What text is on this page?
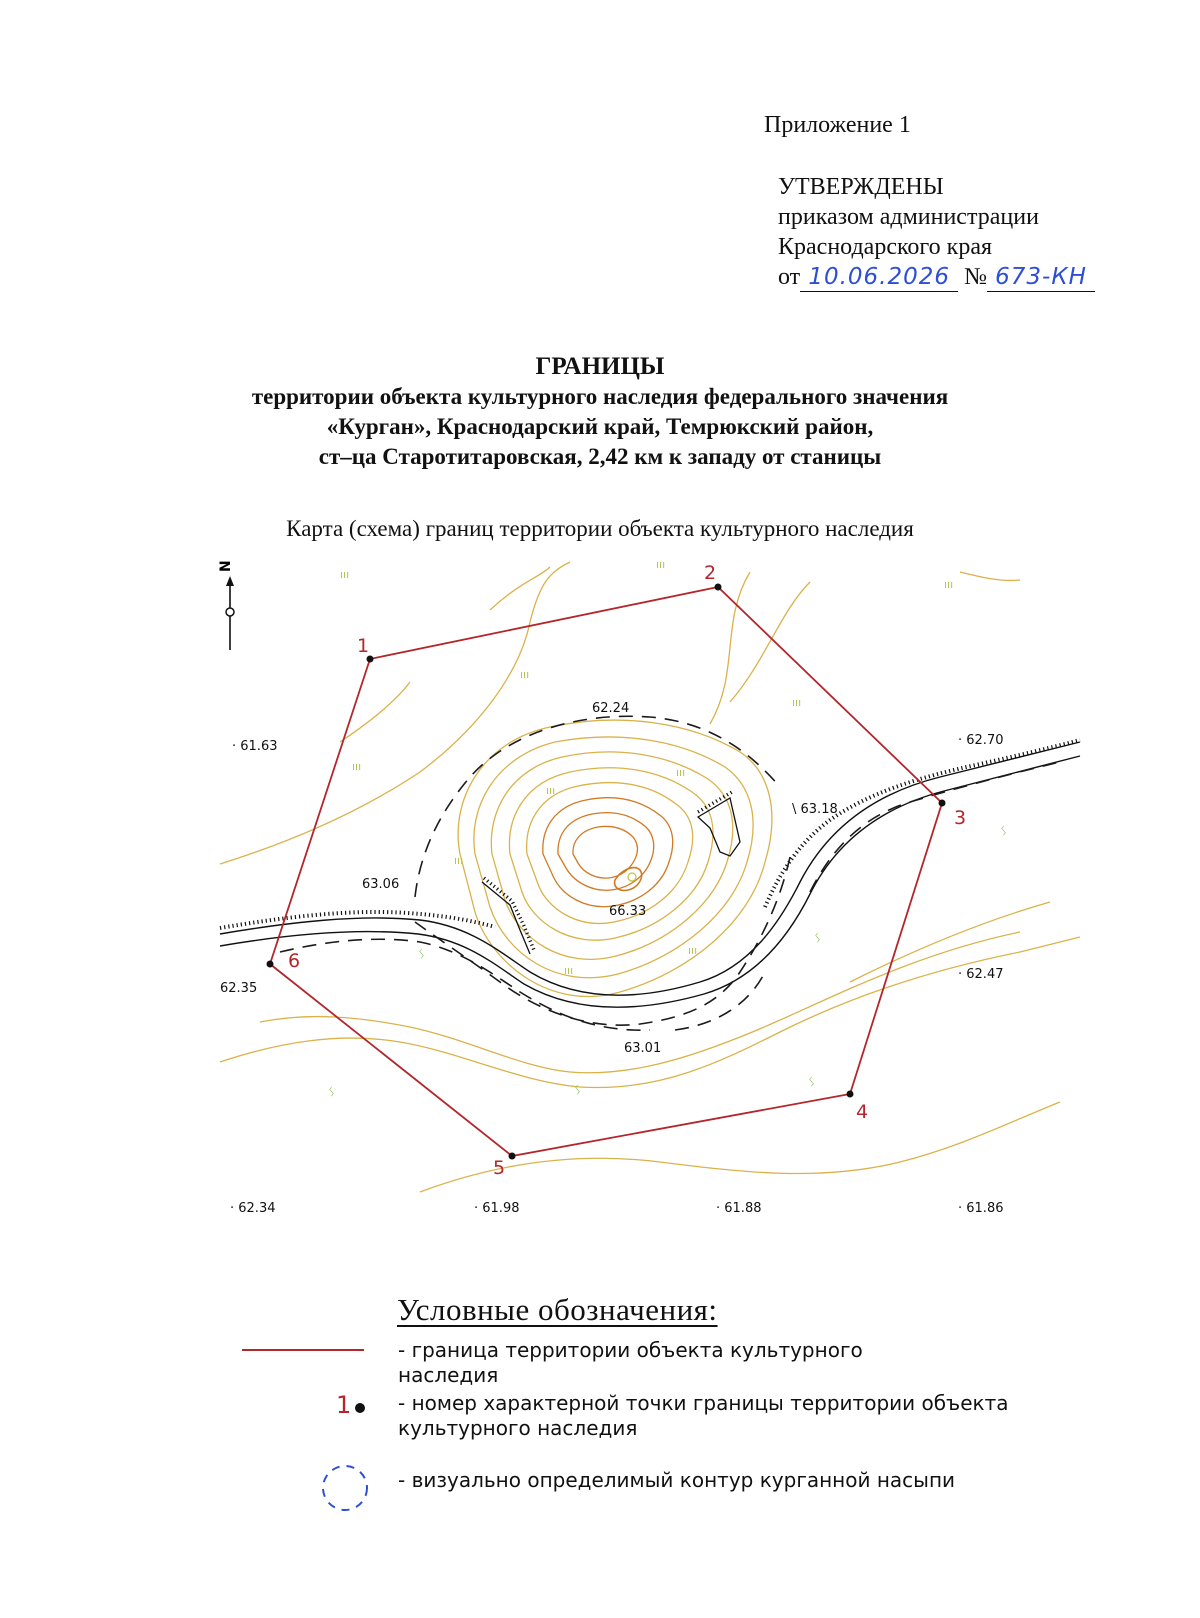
Приложение 1
УТВЕРЖДЕНЫ
приказом администрации
Краснодарского края
от 10.06.2026 № 673-КН
ГРАНИЦЫ
территории объекта культурного наследия федерального значения
«Курган», Краснодарский край, Темрюкский район,
ст–ца Старотитаровская, 2,42 км к западу от станицы
Карта (схема) границ территории объекта культурного наследия
N
1
2
3
4
5
6
· 61.63	· 62.70
62.24
\ 63.18
63.06
66.33
62.35
· 62.47
63.01
· 62.34	· 61.98	· 61.88	· 61.86
ııı
ııı
ııı
ııı
ııı
ııı	ııı
ııı
ııı
ııı
ııı
ᛊ
ᛊ
ᛊ
ᛊ	ᛊ
ᛊ
Условные обозначения:
- граница территории объекта культурного наследия
1 - номер характерной точки границы территории объекта культурного наследия
- визуально определимый контур курганной насыпи
